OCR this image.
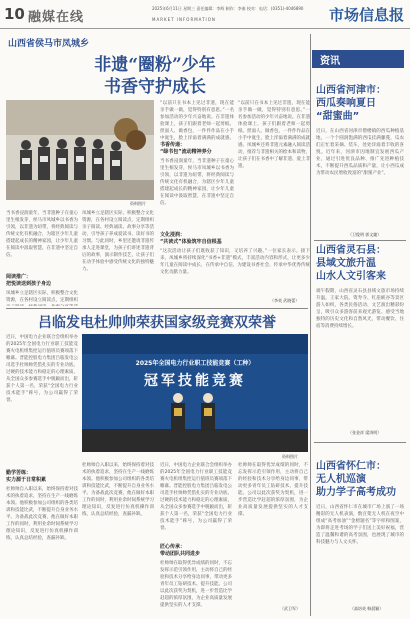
10 融媒在线
2025年6月11日 星期三 责任编辑：李辉 制作：李秦 校对：电话：(0351)-4046890
MARKET INFORMATION	市场信息报
山西省侯马市凤城乡
非遗“圈粉”少年
书香守护成长
资料图片
当书香浸润童年，当非遗种子在童心里生根发芽，侯马市凤城乡以书香为引领，以非遗为纽带，将经典阅读与传统文化有机融合，为辖区少年儿童搭建起成长的精神家园，让少年儿童在阅读中汲取智慧，在非遗中坚定自信。
阅读推广：
把悦读送到孩子身边
凤城乡立足辖区实际，积极整合文化资源，在各村设立阅读点，定期组织
凤城乡立足辖区实际，积极整合文化资源，在各村设立阅读点，定期组织亲子阅读、经典诵读、故事分享等活动，引导孩子养成爱读书、读好书的习惯。与此同时，乡里还邀请非遗传承人走进课堂，为孩子们讲述非遗背后的故事，演示制作技艺，让孩子们在动手体验中感受传统文化的独特魅力。
“以前只在书本上见过非遗，现在能亲手做一做，觉得特别有意思。”一名参加活动的少年兴奋地说。在非遗体验课上，孩子们跟着老师一起剪纸、捏面人、做香包，一件件作品在小手中诞生，脸上洋溢着满满的成就感。
书香传递：
“绿书包”流动精神养分
当书香浸润童年，当非遗种子在童心里生根发芽，侯马市凤城乡以书香为引领，以非遗为纽带，将经典阅读与传统文化有机融合，为辖区少年儿童搭建起成长的精神家园，让少年儿童在阅读中汲取智慧，在非遗中坚定自信。
文化浸润：
“共读式”体验筑牢自信根基
“以前只在书本上见过非遗，现在能亲手做一做，觉得特别有意思。”一名参加活动的少年兴奋地说。在非遗体验课上，孩子们跟着老师一起剪纸、捏面人、做香包，一件件作品在小手中诞生，脸上洋溢着满满的成就感。凤城乡还将非遗元素融入阅读活动，推荐与非遗相关的绘本和读物，让孩子们在书香中了解非遗、爱上非遗。
“这次活动让孩子们既收获了知识，又培养了兴趣。”一位家长表示。接下来，凤城乡将持续深化“书香+非遗”模式，丰富活动内容和形式，让更多少年儿童在阅读中成长、在传承中自信，为建设书香社会、传承中华优秀传统文化贡献力量。
（李英 武晓蕾）
吕临发电杜帅帅荣获国家级竞赛双荣誉
近日，中国电力企业联合会组织举办的2025年全国电力行业职工技能竞赛火电机组集控运行值班员赛项落下帷幕。晋能控股电力集团吕临发电公司选手杜帅帅凭借扎实的专业功底、过硬的技术能力和稳定的心理素质，从全国众多参赛选手中脱颖而出，斩获个人第一名，荣获“全国电力行业技术能手”称号，为公司赢得了荣誉。
勤学苦练：
实力源于日常积累
杜帅帅自入职以来，始终保持着对技术的执着追求，坚持在生产一线磨炼本领。他积极参加公司组织的各类培训和技能比武，不断提升自身业务水平。为备战此次竞赛，他在做好本职工作的同时，利用业余时间系统学习理论知识，反复进行仿真机操作训练，认真总结经验，查漏补缺。
2025年全国电力行业职工技能竞赛（工种）
冠军技能竞赛
资料图片
杜帅帅自入职以来，始终保持着对技术的执着追求，坚持在生产一线磨炼本领。他积极参加公司组织的各类培训和技能比武，不断提升自身业务水平。为备战此次竞赛，他在做好本职工作的同时，利用业余时间系统学习理论知识，反复进行仿真机操作训练，认真总结经验，查漏补缺。
近日，中国电力企业联合会组织举办的2025年全国电力行业职工技能竞赛火电机组集控运行值班员赛项落下帷幕。晋能控股电力集团吕临发电公司选手杜帅帅凭借扎实的专业功底、过硬的技术能力和稳定的心理素质，从全国众多参赛选手中脱颖而出，斩获个人第一名，荣获“全国电力行业技术能手”称号，为公司赢得了荣誉。
匠心传承：
带动团队共同进步
杜帅帅在取得优异成绩的同时，不忘发挥示范引领作用，主动将自己的经验和技术分享给身边同事，带动更多青年员工钻研技术、提升技能。公司以此次获奖为契机，进一步营造比学赶超的浓厚氛围，为企业高质量发展提供坚实的人才支撑。
杜帅帅在取得优异成绩的同时，不忘发挥示范引领作用，主动将自己的经验和技术分享给身边同事，带动更多青年员工钻研技术、提升技能。公司以此次获奖为契机，进一步营造比学赶超的浓厚氛围，为企业高质量发展提供坚实的人才支撑。
（武卫军）
资讯
山西省河津市：
西瓜奏响夏日
“甜蜜曲”
近日，在山西省河津市僧楼镇的西瓜种植基地，一个个圆润饱满的西瓜挂满藤蔓，瓜农们正忙着采摘、装车，处处洋溢着丰收的喜悦。近年来，河津市因地制宜发展西瓜产业，通过引进优良品种、推广先进种植技术，不断提升西瓜品质和产量，让小西瓜成为带动农民增收致富的“甜蜜产业”。
（卫俊明 郭文婕）
山西省灵石县：
县域文旅升温
山水人文引客来
端午假期，山西省灵石县县域文旅市场持续升温。王家大院、资寿寺、红崖峡谷等景区游人如织，各类民俗活动、文艺演出精彩纷呈，吸引众多游客前来观光游览、感受当地独特的历史文化和自然风光，带动餐饮、住宿等消费持续增长。
（张金祥 梁涛明）
山西省怀仁市：
无人机巡演
助力学子高考成功
近日，山西省怀仁市在城市广场上演了一场精彩的无人机表演，数百架无人机在夜空中组成“高考加油”“金榜题名”等字样和图案，为即将走进考场的学子们送上美好祝福，营造了温馨和谐的高考氛围，也展现了城市的科技魅力与人文关怀。
（高培英 韩晨颖）
